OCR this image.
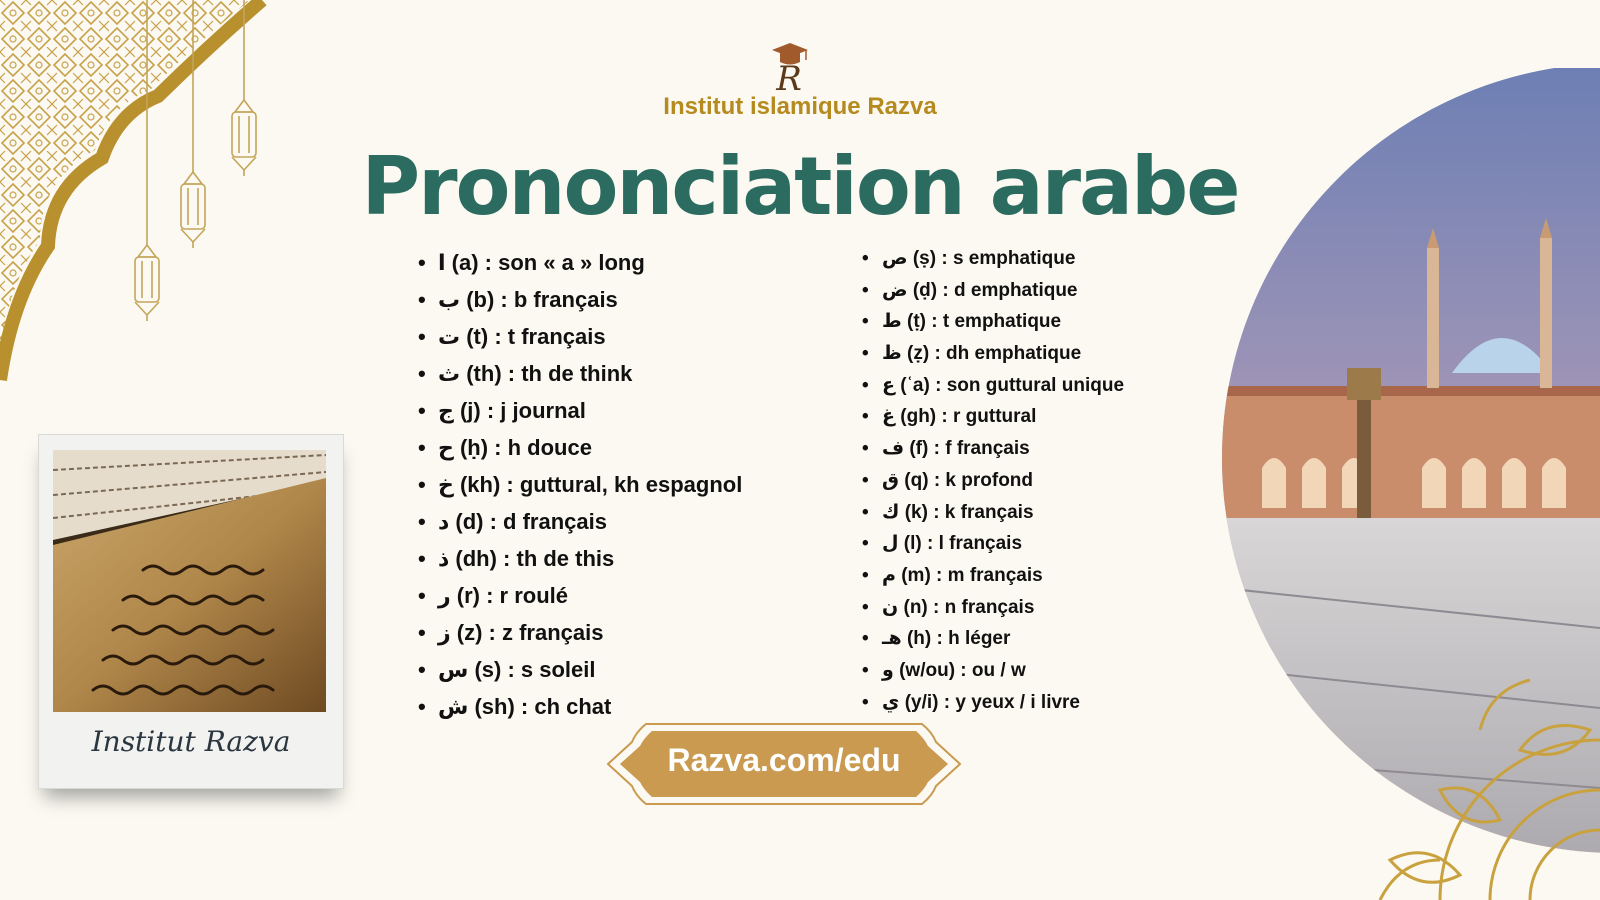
R
Institut islamique Razva
Prononciation arabe
• ا (a) : son « a » long
• ب (b) : b français
• ت (t) : t français
• ث (th) : th de think
• ج (j) : j journal
• ح (ḥ) : h douce
• خ (kh) : guttural, kh espagnol
• د (d) : d français
• ذ (dh) : th de this
• ر (r) : r roulé
• ز (z) : z français
• س (s) : s soleil
• ش (sh) : ch chat
• ص (ṣ) : s emphatique
• ض (ḍ) : d emphatique
• ط (ṭ) : t emphatique
• ظ (ẓ) : dh emphatique
• ع (ʿa) : son guttural unique
• غ (gh) : r guttural
• ف (f) : f français
• ق (q) : k profond
• ك (k) : k français
• ل (l) : l français
• م (m) : m français
• ن (n) : n français
• هـ (h) : h léger
• و (w/ou) : ou / w
• ي (y/i) : y yeux / i livre
Institut Razva
Razva.com/edu
